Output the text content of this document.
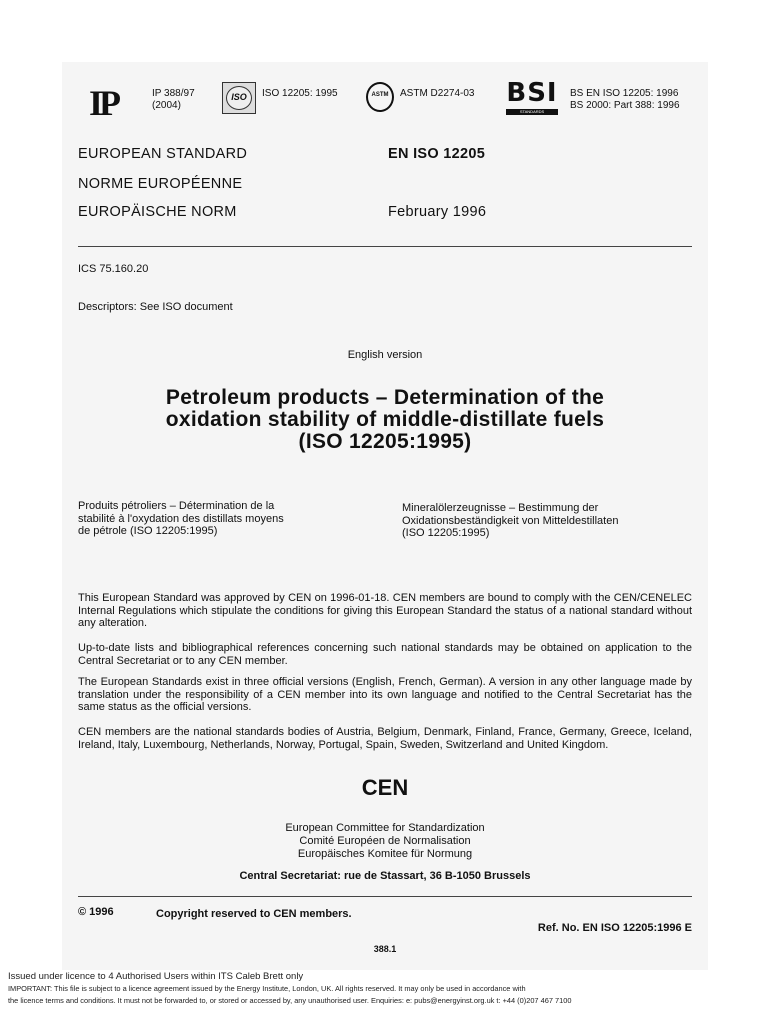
IP	IP 388/97
(2004)
ISO	ISO 12205: 1995	ASTM	ASTM D2274-03 BSI
STANDARDS
BS EN ISO 12205: 1996
BS 2000: Part 388: 1996
EUROPEAN STANDARD
NORME EUROPÉENNE
EUROPÄISCHE NORM
EN ISO 12205
February 1996
ICS 75.160.20
Descriptors: See ISO document
English version
Petroleum products – Determination of the
oxidation stability of middle-distillate fuels
(ISO 12205:1995)
Produits pétroliers – Détermination de la
stabilité à l'oxydation des distillats moyens
de pétrole (ISO 12205:1995)
Mineralölerzeugnisse – Bestimmung der
Oxidationsbeständigkeit von Mitteldestillaten
(ISO 12205:1995)
This European Standard was approved by CEN on 1996-01-18. CEN members are bound to comply with the CEN/CENELEC Internal Regulations which stipulate the conditions for giving this European Standard the status of a national standard without any alteration.
Up-to-date lists and bibliographical references concerning such national standards may be obtained on application to the Central Secretariat or to any CEN member.
The European Standards exist in three official versions (English, French, German). A version in any other language made by translation under the responsibility of a CEN member into its own language and notified to the Central Secretariat has the same status as the official versions.
CEN members are the national standards bodies of Austria, Belgium, Denmark, Finland, France, Germany, Greece, Iceland, Ireland, Italy, Luxembourg, Netherlands, Norway, Portugal, Spain, Sweden, Switzerland and United Kingdom.
CEN
European Committee for Standardization
Comité Européen de Normalisation
Europäisches Komitee für Normung
Central Secretariat: rue de Stassart, 36 B-1050 Brussels
© 1996	Copyright reserved to CEN members.
Ref. No. EN ISO 12205:1996 E
388.1
Issued under licence to 4 Authorised Users within ITS Caleb Brett only
IMPORTANT: This file is subject to a licence agreement issued by the Energy Institute, London, UK. All rights reserved. It may only be used in accordance with
the licence terms and conditions. It must not be forwarded to, or stored or accessed by, any unauthorised user. Enquiries: e: pubs@energyinst.org.uk t: +44 (0)207 467 7100
